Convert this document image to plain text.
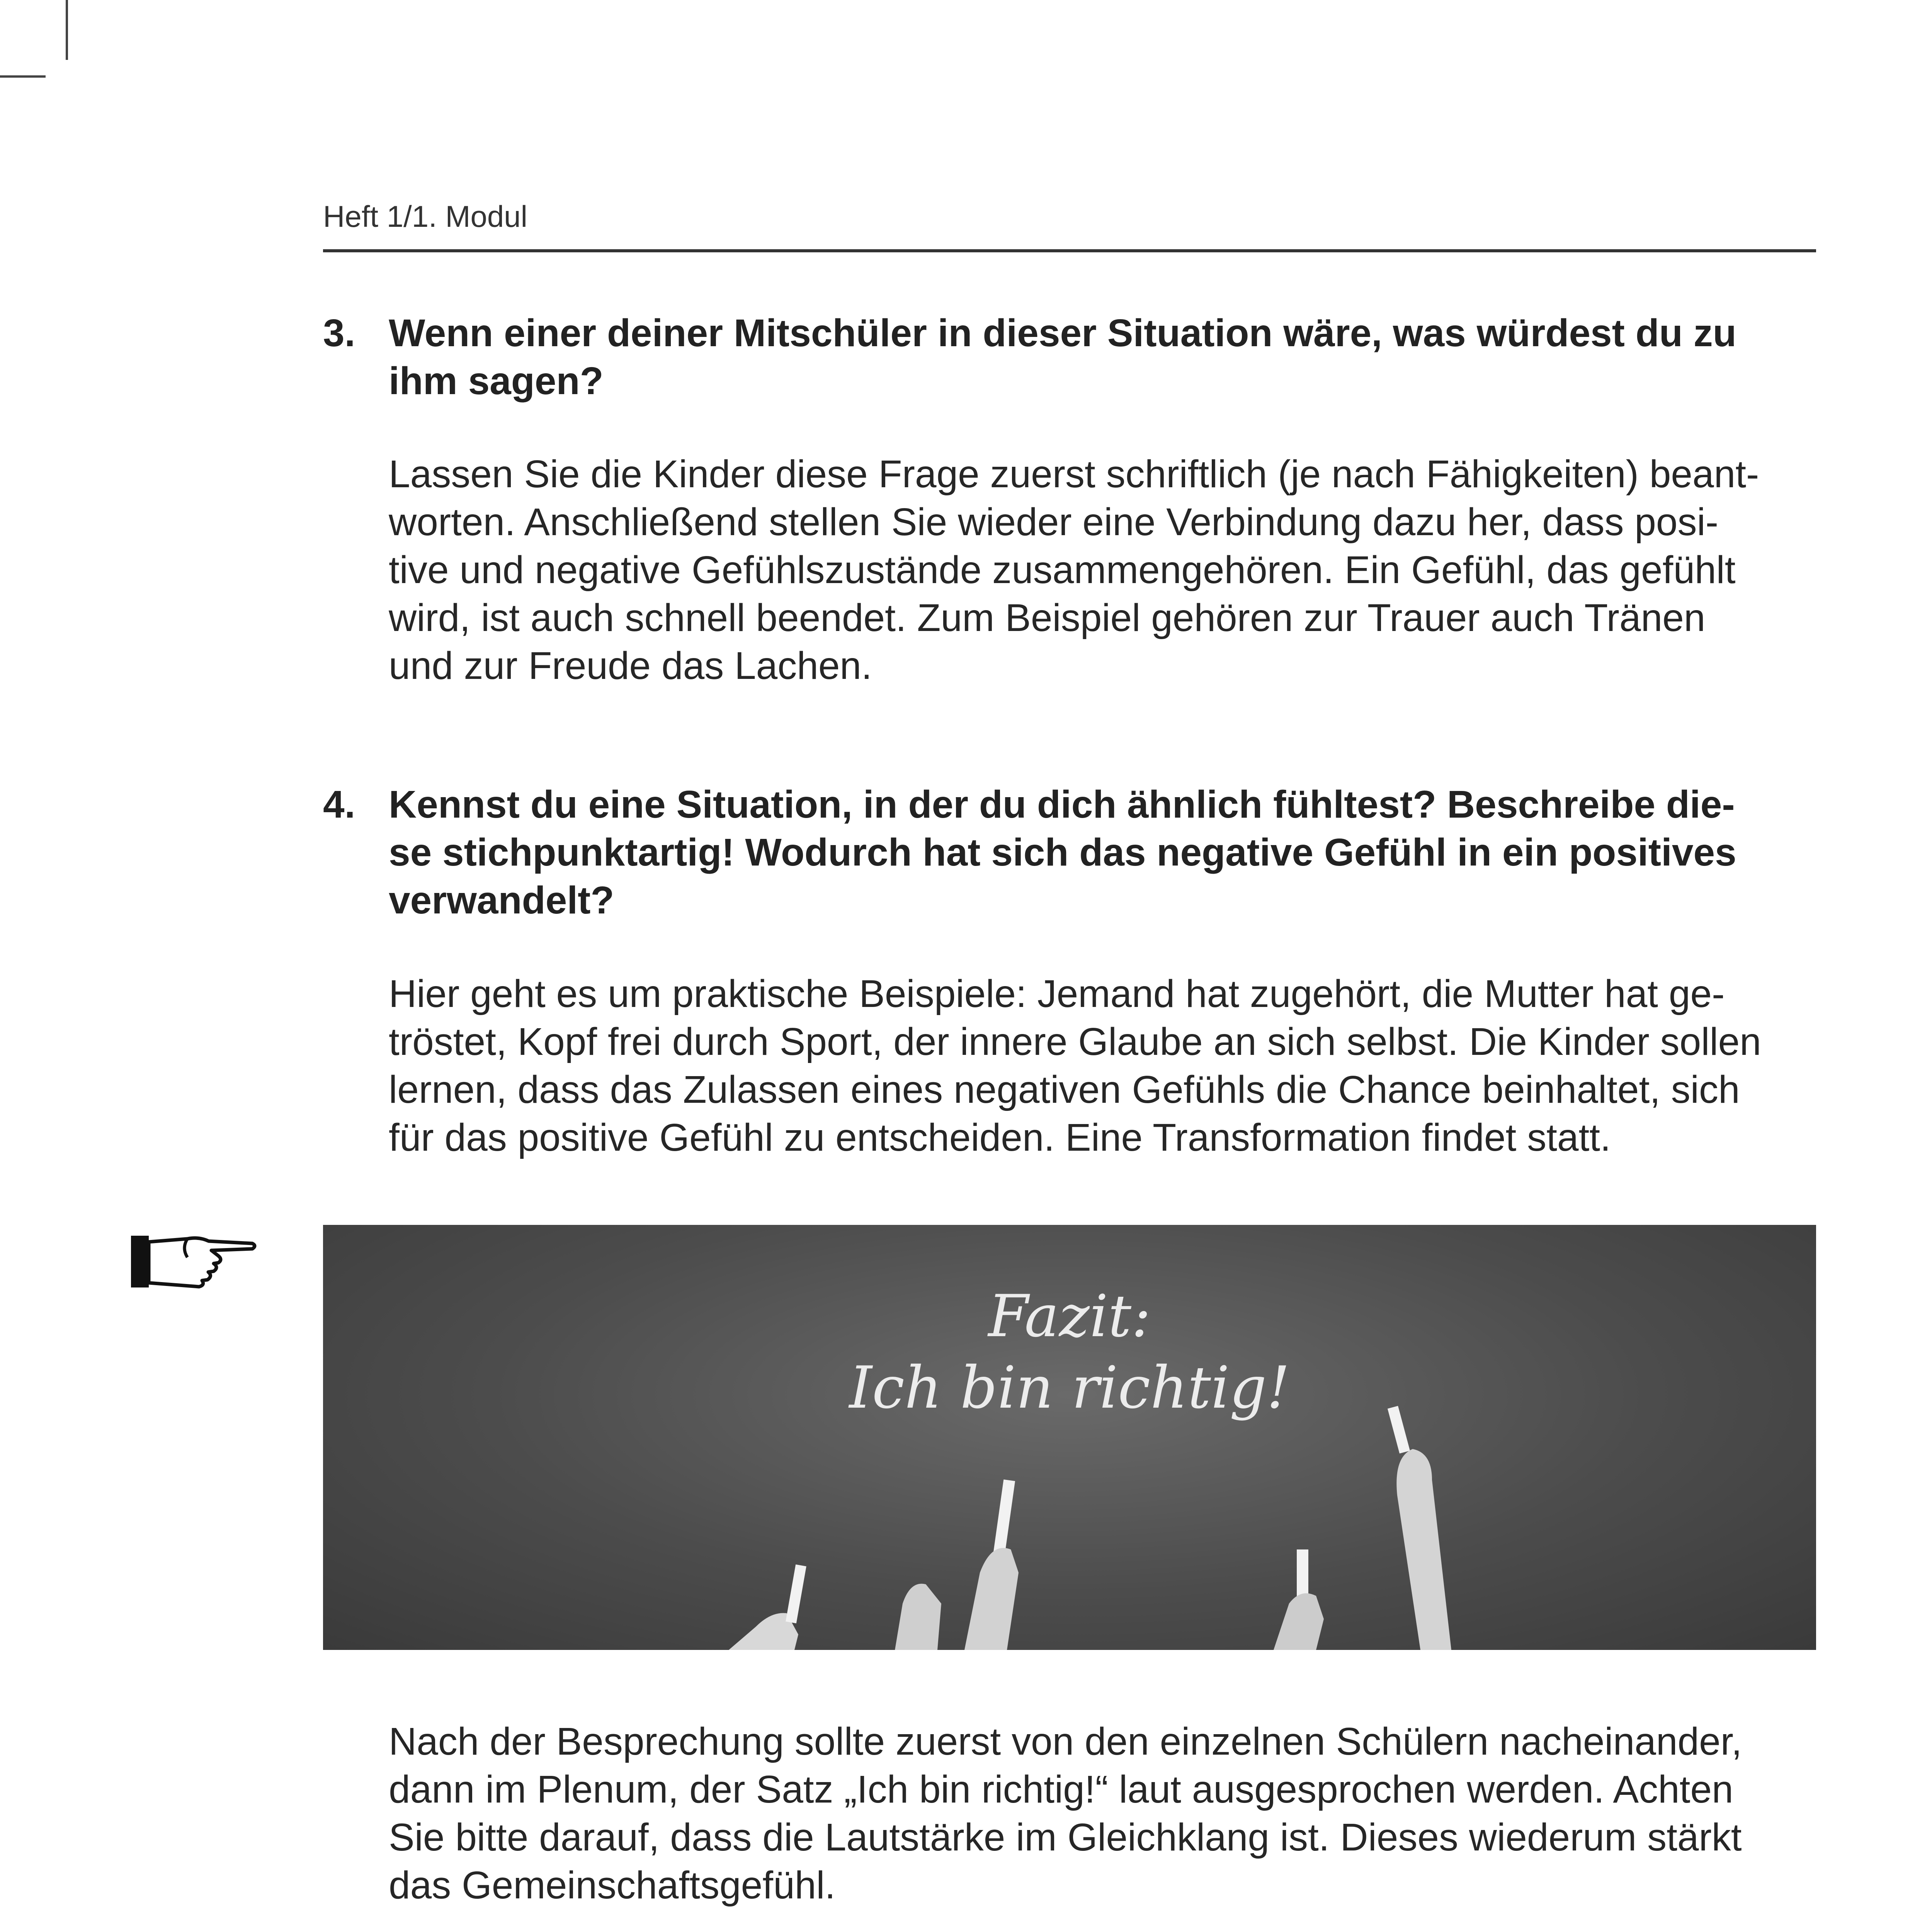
Heft 1/1. Modul
3. Wenn einer deiner Mitschüler in dieser Situation wäre, was würdest du zu
ihm sagen?
Lassen Sie die Kinder diese Frage zuerst schriftlich (je nach Fähigkeiten) beant-
worten. Anschließend stellen Sie wieder eine Verbindung dazu her, dass posi-
tive und negative Gefühlszustände zusammengehören. Ein Gefühl, das gefühlt
wird, ist auch schnell beendet. Zum Beispiel gehören zur Trauer auch Tränen
und zur Freude das Lachen.
4. Kennst du eine Situation, in der du dich ähnlich fühltest? Beschreibe die-
se stichpunktartig! Wodurch hat sich das negative Gefühl in ein positives
verwandelt?
Hier geht es um praktische Beispiele: Jemand hat zugehört, die Mutter hat ge-
tröstet, Kopf frei durch Sport, der innere Glaube an sich selbst. Die Kinder sollen
lernen, dass das Zulassen eines negativen Gefühls die Chance beinhaltet, sich
für das positive Gefühl zu entscheiden. Eine Transformation findet statt.
Fazit:
Ich bin richtig!
Nach der Besprechung sollte zuerst von den einzelnen Schülern nacheinander,
dann im Plenum, der Satz „Ich bin richtig!“ laut ausgesprochen werden. Achten
Sie bitte darauf, dass die Lautstärke im Gleichklang ist. Dieses wiederum stärkt
das Gemeinschaftsgefühl.
